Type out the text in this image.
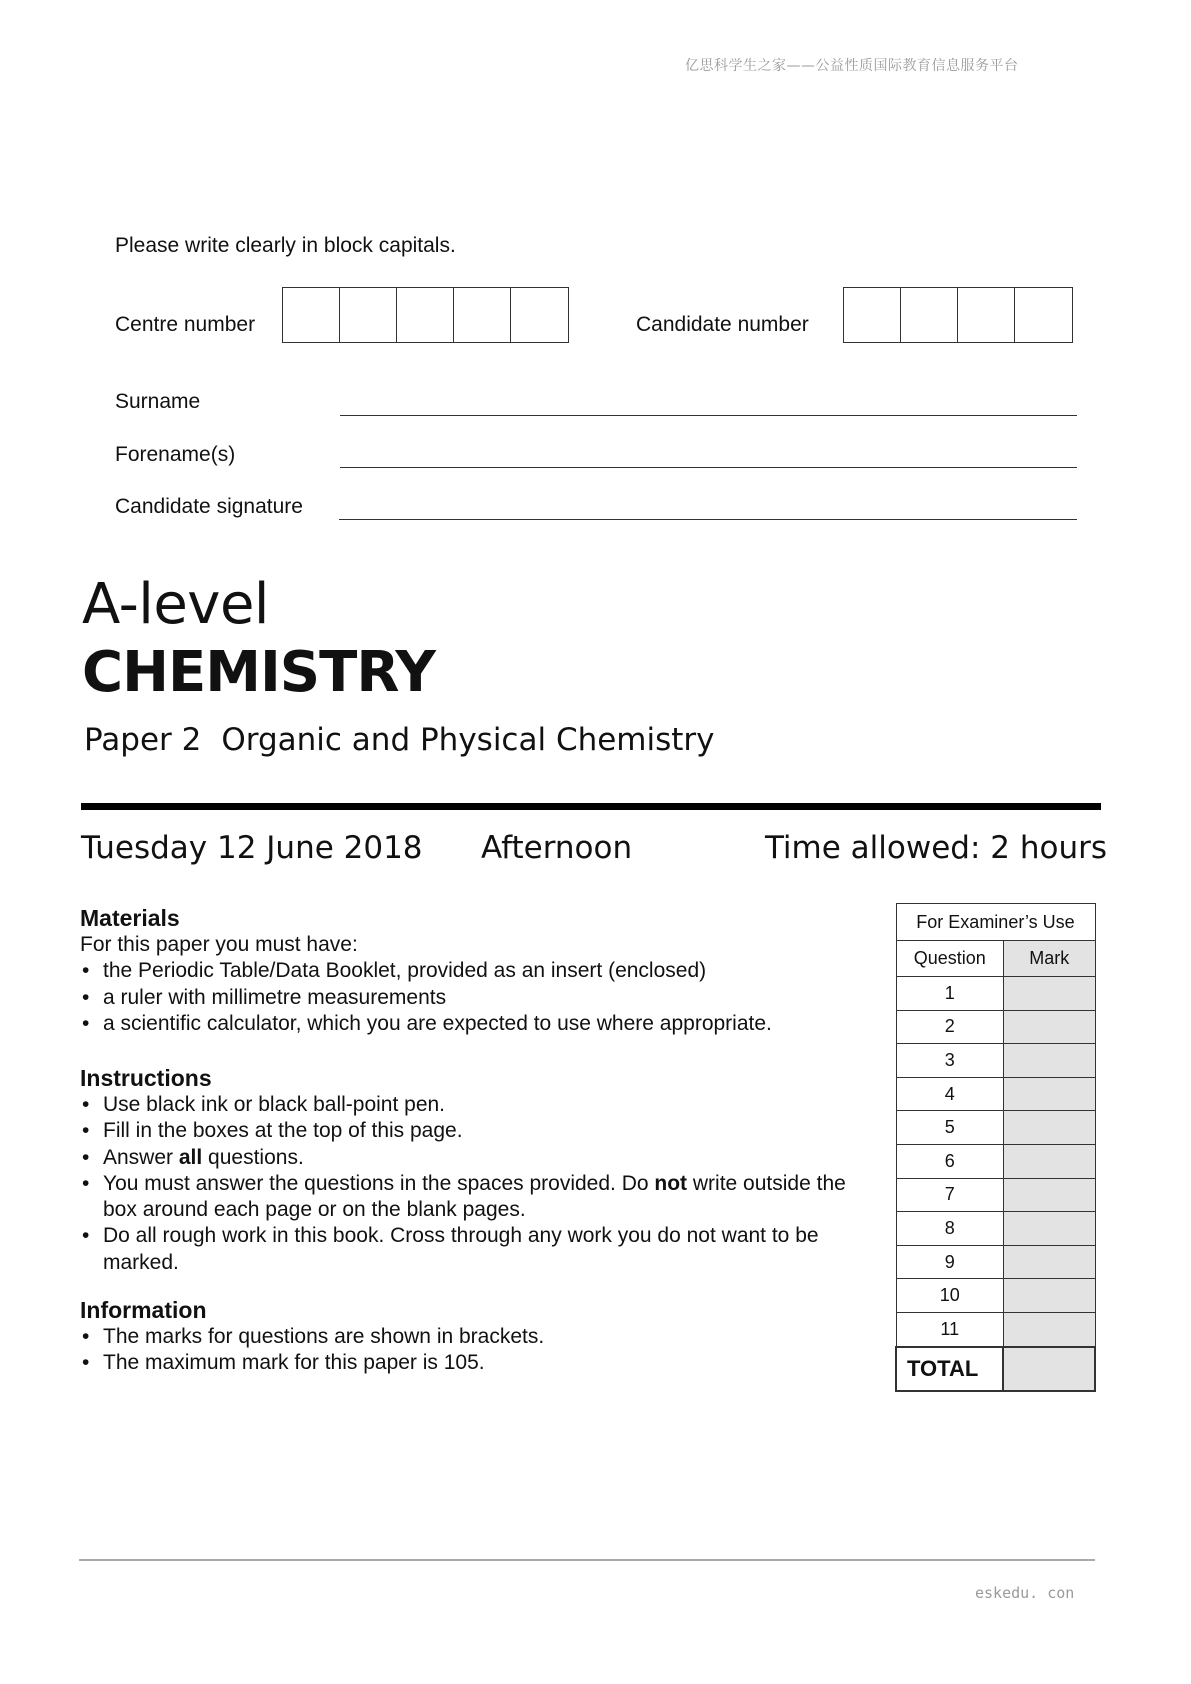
亿思科学生之家——公益性质国际教育信息服务平台
Please write clearly in block capitals.
Centre number	Candidate number
Surname
Forename(s)
Candidate signature
A-level
CHEMISTRY
Paper 2 Organic and Physical Chemistry
Tuesday 12 June 2018 Afternoon	Time allowed: 2 hours
Materials
For this paper you must have:
• the Periodic Table/Data Booklet, provided as an insert (enclosed)
• a ruler with millimetre measurements
• a scientific calculator, which you are expected to use where appropriate.
Instructions
• Use black ink or black ball-point pen.
• Fill in the boxes at the top of this page.
• Answer all questions.
• You must answer the questions in the spaces provided. Do not write outside the box around each page or on the blank pages.
• Do all rough work in this book. Cross through any work you do not want to be marked.
Information
• The marks for questions are shown in brackets.
• The maximum mark for this paper is 105.
For Examiner’s Use	
Question	Mark
1	
2	
3	
4	
5	
6	
7	
8	
9	
10	
11	
TOTAL	
eskedu. con
